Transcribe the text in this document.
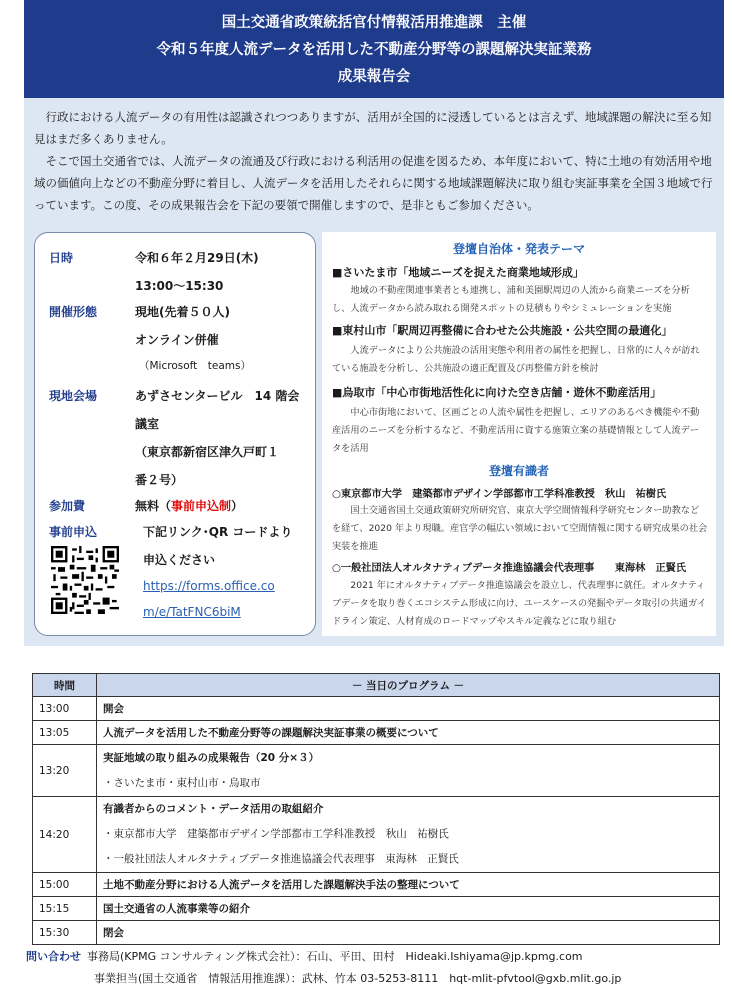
国土交通省政策統括官付情報活用推進課　主催
令和５年度人流データを活用した不動産分野等の課題解決実証業務
成果報告会

行政における人流データの有用性は認識されつつありますが、活用が全国的に浸透しているとは言えず、地域課題の解決に至る知見はまだ多くありません。

そこで国土交通省では、人流データの流通及び行政における利活用の促進を図るため、本年度において、特に土地の有効活用や地域の価値向上などの不動産分野に着目し、人流データを活用したそれらに関する地域課題解決に取り組む実証事業を全国３地域で行っています。この度、その成果報告会を下記の要領で開催しますので、是非ともご参加ください。

日時	令和６年２月29日(木)
13:00〜15:30
開催形態	現地(先着５０人)
オンライン併催
（Microsoft　teams）
現地会場	あずさセンタービル　14 階会
議室
（東京都新宿区津久戸町１
番２号）
参加費	無料（事前申込制）
事前申込	下記リンク･QR コードより
申込ください
https://forms.office.co
m/e/TatFNC6biM
登壇自治体・発表テーマ
■さいたま市「地域ニーズを捉えた商業地域形成」
地域の不動産関連事業者とも連携し、浦和美園駅周辺の人流から商業ニーズを分析し、人流データから読み取れる開発スポットの見積もりやシミュレーションを実施
■東村山市「駅周辺再整備に合わせた公共施設・公共空間の最適化」
人流データにより公共施設の活用実態や利用者の属性を把握し、日常的に人々が訪れている施設を分析し、公共施設の適正配置及び再整備方針を検討
■烏取市「中心市街地活性化に向けた空き店舗・遊休不動産活用」
中心市街地において、区画ごとの人流や属性を把握し、エリアのあるべき機能や不動産活用のニーズを分析するなど、不動産活用に資する施策立案の基礎情報として人流データを活用
登壇有識者
○東京都市大学　建築都市デザイン学部都市工学科准教授　秋山　祐樹氏
国土交通省国土交通政策研究所研究官、東京大学空間情報科学研究センター助教などを経て、2020 年より現職。産官学の幅広い領域において空間情報に関する研究成果の社会実装を推進
○一般社団法人オルタナティブデータ推進協議会代表理事　　東海林　正賢氏
2021 年にオルタナティブデータ推進協議会を設立し、代表理事に就任。オルタナティブデータを取り巻くエコシステム形成に向け、ユースケースの発掘やデータ取引の共通ガイドライン策定、人材育成のロードマップやスキル定義などに取り組む
時間	－ 当日のプログラム －
13:00	開会
13:05	人流データを活用した不動産分野等の課題解決実証事業の概要について
13:20	実証地域の取り組みの成果報告（20 分×３）
・さいたま市・東村山市・烏取市

14:20	有識者からのコメント・データ活用の取組紹介
・東京都市大学　建築都市デザイン学部都市工学科准教授　秋山　祐樹氏
・一般社団法人オルタナティブデータ推進協議会代表理事　東海林　正賢氏

15:00	土地不動産分野における人流データを活用した課題解決手法の整理について
15:15	国土交通省の人流事業等の紹介
15:30	閉会
問い合わせ 事務局(KPMG コンサルティング株式会社）：石山、平田、田村　Hideaki.Ishiyama@jp.kpmg.com
事業担当(国土交通省　情報活用推進課）：武林、竹本 03-5253-8111　hqt-mlit-pfvtool@gxb.mlit.go.jp
